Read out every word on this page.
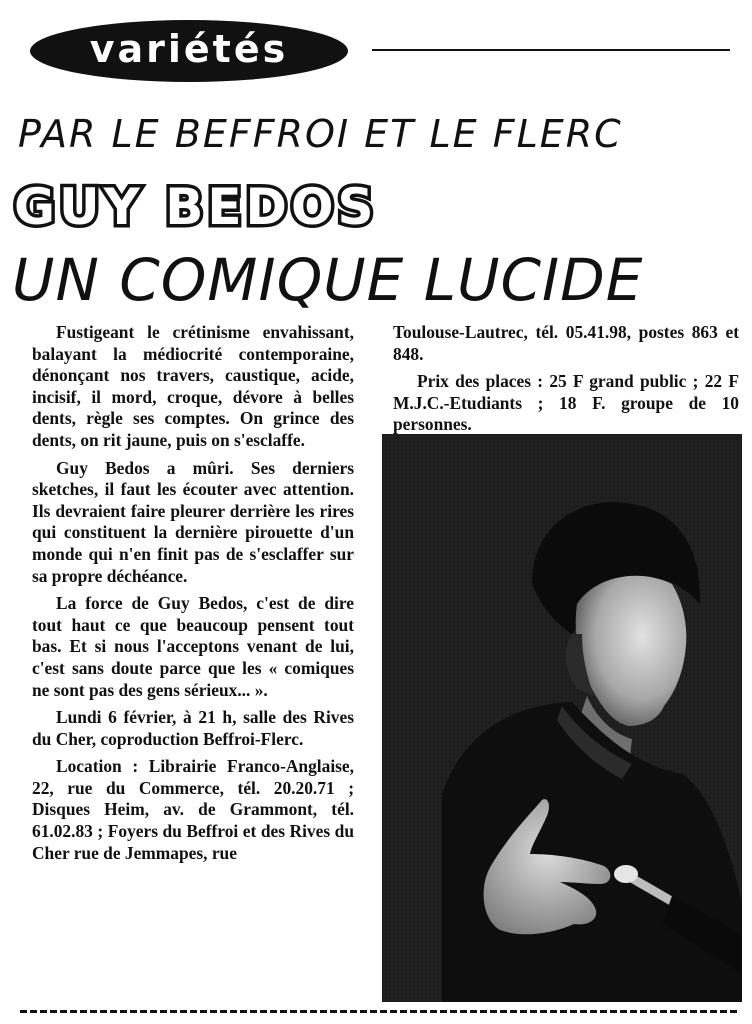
variétés
PAR LE BEFFROI ET LE FLERC
GUY BEDOS
UN COMIQUE LUCIDE

Fustigeant le crétinisme envahissant, balayant la médiocrité contemporaine, dénonçant nos travers, caustique, acide, incisif, il mord, croque, dévore à belles dents, règle ses comptes. On grince des dents, on rit jaune, puis on s'esclaffe.

Guy Bedos a mûri. Ses derniers sketches, il faut les écouter avec attention. Ils devraient faire pleurer derrière les rires qui constituent la dernière pirouette d'un monde qui n'en finit pas de s'esclaffer sur sa propre déchéance.

La force de Guy Bedos, c'est de dire tout haut ce que beaucoup pensent tout bas. Et si nous l'acceptons venant de lui, c'est sans doute parce que les « comiques ne sont pas des gens sérieux... ».

Lundi 6 février, à 21 h, salle des Rives du Cher, coproduction Beffroi-Flerc.

Location : Librairie Franco-Anglaise, 22, rue du Commerce, tél. 20.20.71 ; Disques Heim, av. de Grammont, tél. 61.02.83 ; Foyers du Beffroi et des Rives du Cher rue de Jemmapes, rue

Toulouse-Lautrec, tél. 05.41.98, postes 863 et 848.

Prix des places : 25 F grand public ; 22 F M.J.C.-Etudiants ; 18 F. groupe de 10 personnes.
